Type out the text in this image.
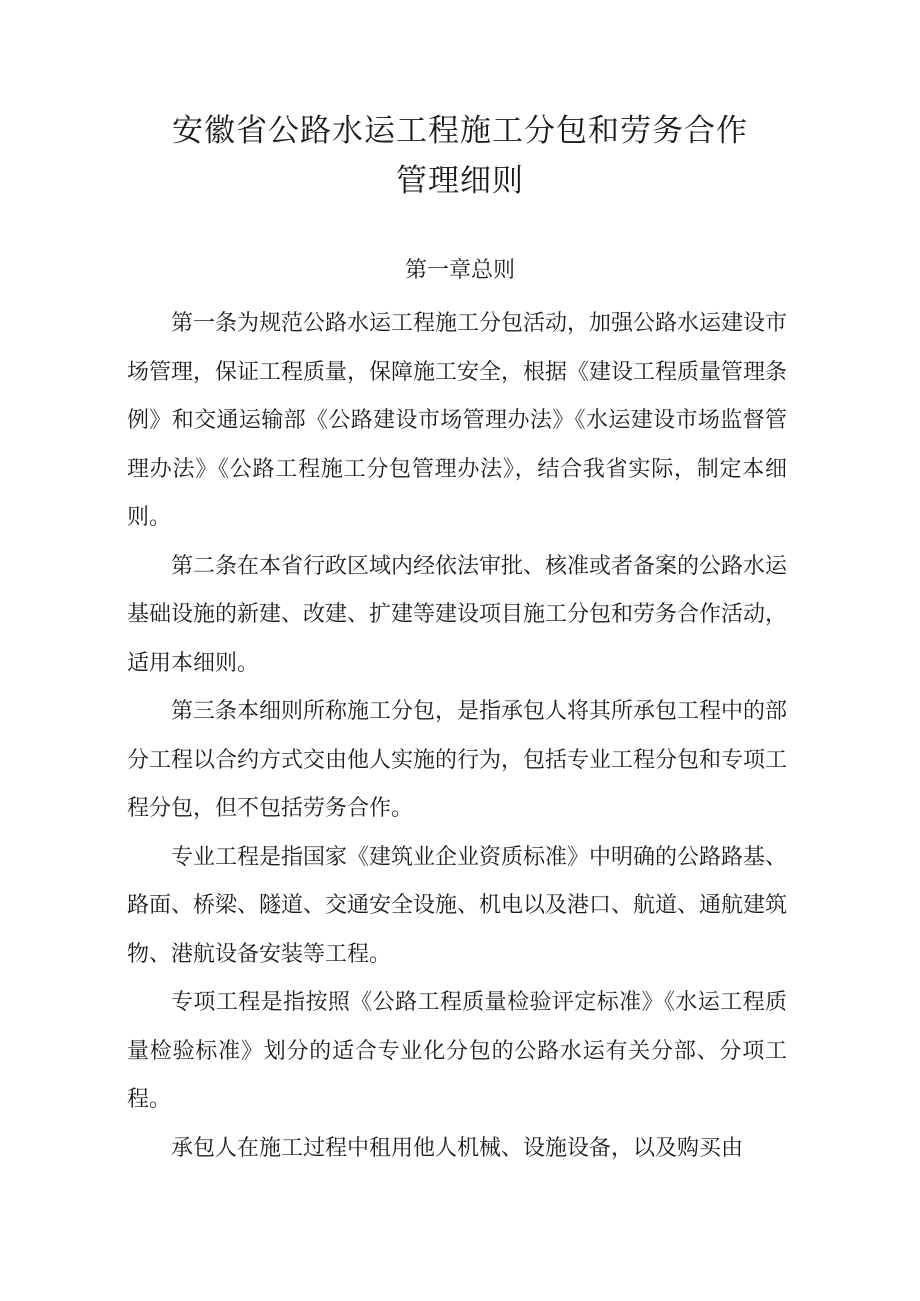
安徽省公路水运工程施工分包和劳务合作
管理细则
第一章总则

第一条为规范公路水运工程施工分包活动，加强公路水运建设市场管理，保证工程质量，保障施工安全，根据《建设工程质量管理条例》和交通运输部《公路建设市场管理办法》《水运建设市场监督管理办法》《公路工程施工分包管理办法》，结合我省实际，制定本细则。

第二条在本省行政区域内经依法审批、核准或者备案的公路水运基础设施的新建、改建、扩建等建设项目施工分包和劳务合作活动，适用本细则。

第三条本细则所称施工分包，是指承包人将其所承包工程中的部分工程以合约方式交由他人实施的行为，包括专业工程分包和专项工程分包，但不包括劳务合作。

专业工程是指国家《建筑业企业资质标准》中明确的公路路基、路面、桥梁、隧道、交通安全设施、机电以及港口、航道、通航建筑物、港航设备安装等工程。

专项工程是指按照《公路工程质量检验评定标准》《水运工程质量检验标准》划分的适合专业化分包的公路水运有关分部、分项工程。

承包人在施工过程中租用他人机械、设施设备，以及购买由
